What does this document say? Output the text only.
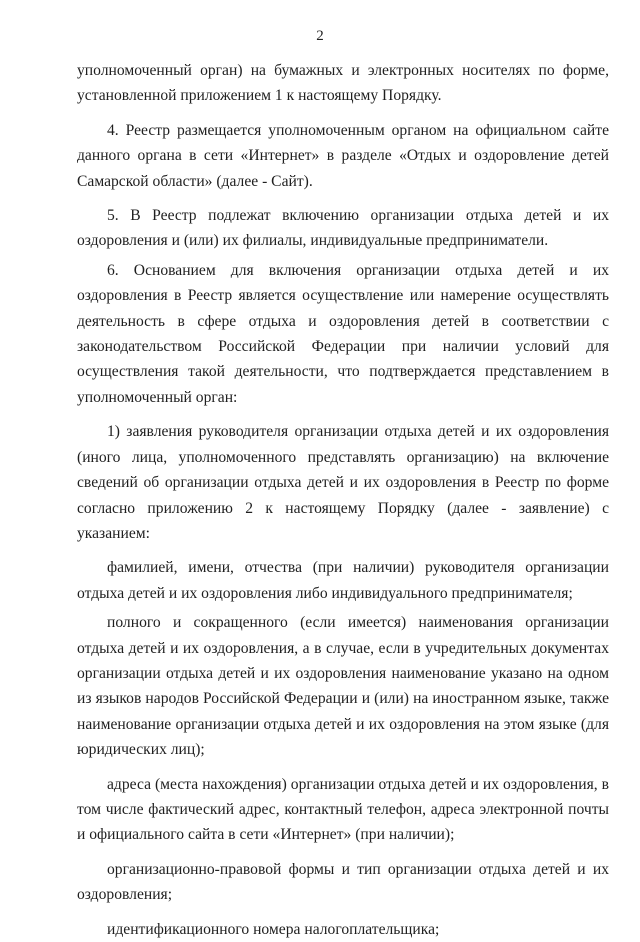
2

уполномоченный орган) на бумажных и электронных носителях по форме, установленной приложением 1 к настоящему Порядку.

4. Реестр размещается уполномоченным органом на официальном сайте данного органа в сети «Интернет» в разделе «Отдых и оздоровление детей Самарской области» (далее - Сайт).

5. В Реестр подлежат включению организации отдыха детей и их оздоровления и (или) их филиалы, индивидуальные предприниматели.

6. Основанием для включения организации отдыха детей и их оздоровления в Реестр является осуществление или намерение осуществлять деятельность в сфере отдыха и оздоровления детей в соответствии с законодательством Российской Федерации при наличии условий для осуществления такой деятельности, что подтверждается представлением в уполномоченный орган:

1) заявления руководителя организации отдыха детей и их оздоровления (иного лица, уполномоченного представлять организацию) на включение сведений об организации отдыха детей и их оздоровления в Реестр по форме согласно приложению 2 к настоящему Порядку (далее - заявление) с указанием:

фамилией, имени, отчества (при наличии) руководителя организации отдыха детей и их оздоровления либо индивидуального предпринимателя;

полного и сокращенного (если имеется) наименования организации отдыха детей и их оздоровления, а в случае, если в учредительных документах организации отдыха детей и их оздоровления наименование указано на одном из языков народов Российской Федерации и (или) на иностранном языке, также наименование организации отдыха детей и их оздоровления на этом языке (для юридических лиц);

адреса (места нахождения) организации отдыха детей и их оздоровления, в том числе фактический адрес, контактный телефон, адреса электронной почты и официального сайта в сети «Интернет» (при наличии);

организационно-правовой формы и тип организации отдыха детей и их оздоровления;

идентификационного номера налогоплательщика;
